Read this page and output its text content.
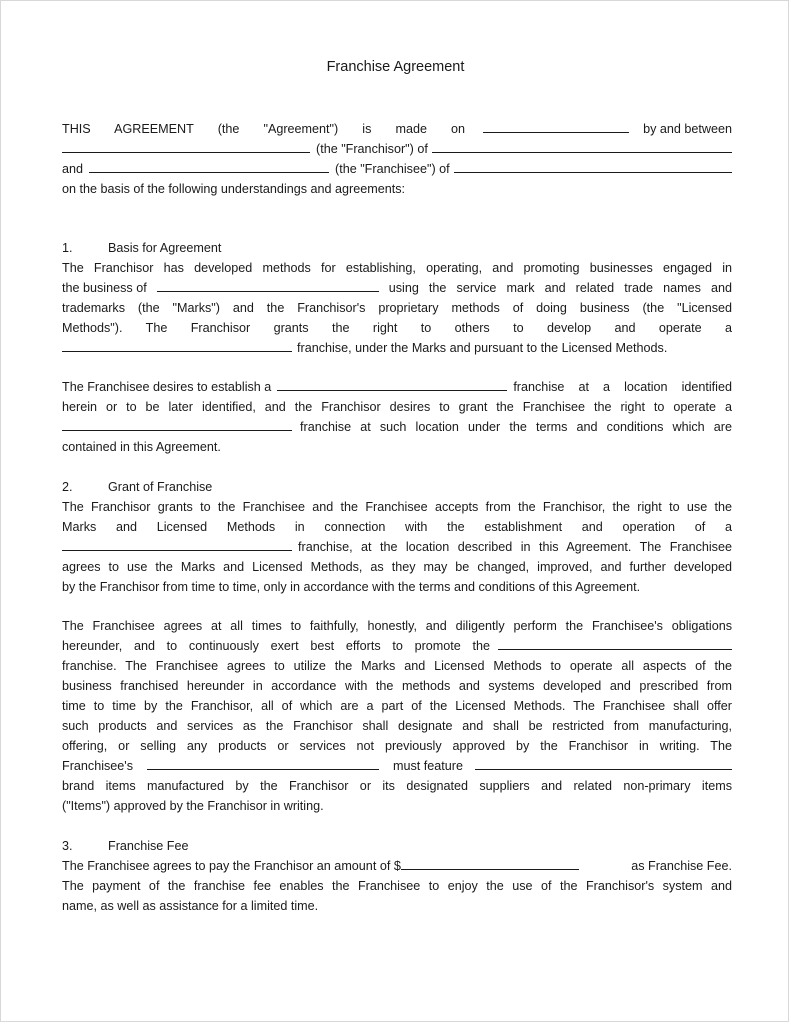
Franchise Agreement
THIS AGREEMENT (the "Agreement") is made on	by and between
(the "Franchisor") of
and	(the "Franchisee") of
on the basis of the following understandings and agreements:
1.	Basis for Agreement
The Franchisor has developed methods for establishing, operating, and promoting businesses engaged in
the business of	using the service mark and related trade names and
trademarks (the "Marks") and the Franchisor's proprietary methods of doing business (the "Licensed
Methods"). The Franchisor grants the right to others to develop and operate a
franchise, under the Marks and pursuant to the Licensed Methods.
The Franchisee desires to establish a	franchise at a location identified
herein or to be later identified, and the Franchisor desires to grant the Franchisee the right to operate a
franchise at such location under the terms and conditions which are
contained in this Agreement.
2.	Grant of Franchise
The Franchisor grants to the Franchisee and the Franchisee accepts from the Franchisor, the right to use the
Marks and Licensed Methods in connection with the establishment and operation of a
franchise, at the location described in this Agreement. The Franchisee
agrees to use the Marks and Licensed Methods, as they may be changed, improved, and further developed
by the Franchisor from time to time, only in accordance with the terms and conditions of this Agreement.
The Franchisee agrees at all times to faithfully, honestly, and diligently perform the Franchisee's obligations
hereunder, and to continuously exert best efforts to promote the
franchise. The Franchisee agrees to utilize the Marks and Licensed Methods to operate all aspects of the
business franchised hereunder in accordance with the methods and systems developed and prescribed from
time to time by the Franchisor, all of which are a part of the Licensed Methods. The Franchisee shall offer
such products and services as the Franchisor shall designate and shall be restricted from manufacturing,
offering, or selling any products or services not previously approved by the Franchisor in writing. The
Franchisee's	must feature
brand items manufactured by the Franchisor or its designated suppliers and related non-primary items
("Items") approved by the Franchisor in writing.
3.	Franchise Fee
The Franchisee agrees to pay the Franchisor an amount of $	as Franchise Fee.
The payment of the franchise fee enables the Franchisee to enjoy the use of the Franchisor's system and
name, as well as assistance for a limited time.
